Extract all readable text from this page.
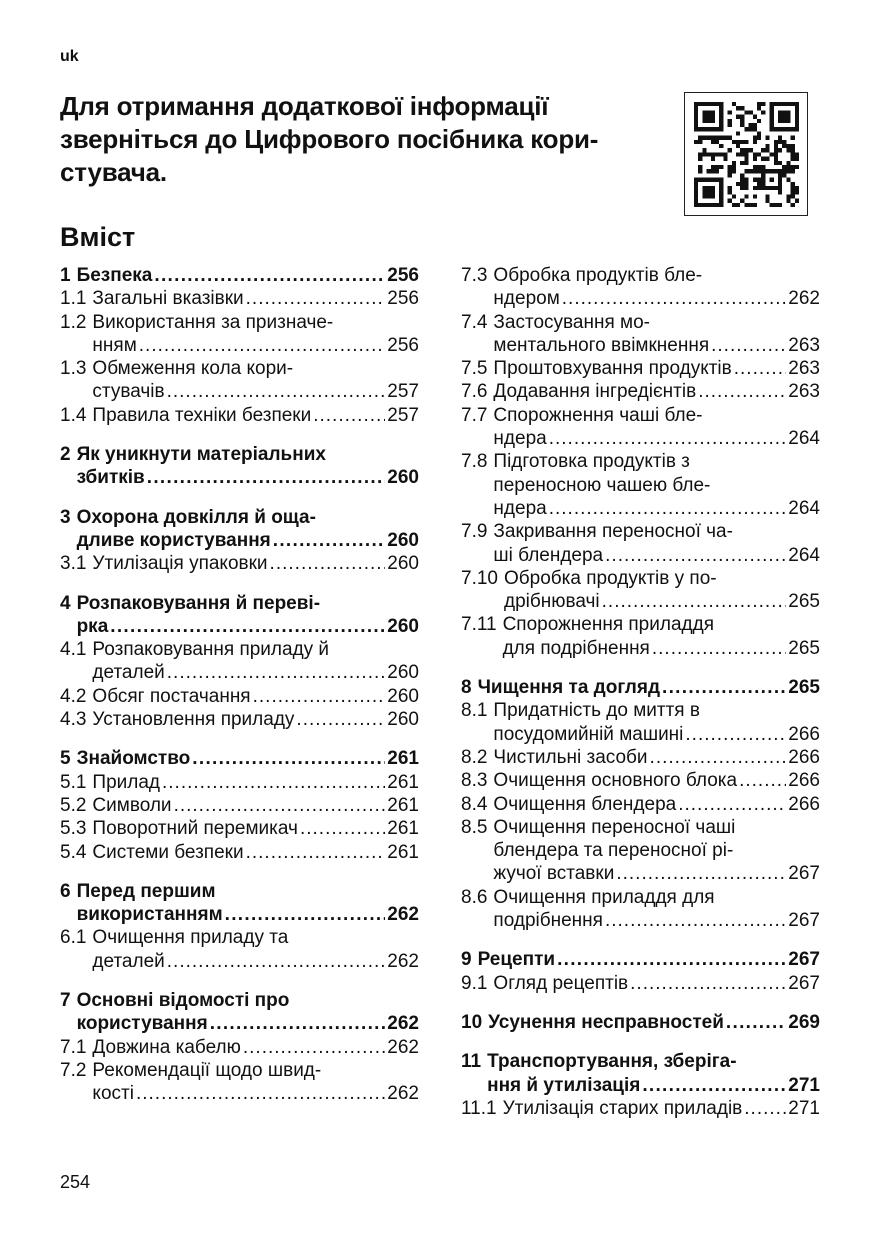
uk
Для отримання додаткової інформації
зверніться до Цифрового посібника кори-
стувача.
Вміст
1 Безпека .....	256
1.1 Загальні вказівки .....	256
1.2 Використання за призначе-
нням .....	256
1.3 Обмеження кола кори-
стувачів .....	257
1.4 Правила техніки безпеки .....	257
2 Як уникнути матеріальних
збитків .....	260
3 Охорона довкілля й оща-
дливе користування .....	260
3.1 Утилізація упаковки .....	260
4 Розпаковування й переві-
рка .....	260
4.1 Розпаковування приладу й
деталей .....	260
4.2 Обсяг постачання .....	260
4.3 Установлення приладу .....	260
5 Знайомство .....	261
5.1 Прилад .....	261
5.2 Символи .....	261
5.3 Поворотний перемикач .....	261
5.4 Системи безпеки .....	261
6 Перед першим
використанням .....	262
6.1 Очищення приладу та
деталей .....	262
7 Основні відомості про
користування .....	262
7.1 Довжина кабелю .....	262
7.2 Рекомендації щодо швид-
кості .....	262
7.3 Обробка продуктів бле-
ндером .....	262
7.4 Застосування мо-
ментального ввімкнення .....	263
7.5 Проштовхування продуктів .....	263
7.6 Додавання інгредієнтів .....	263
7.7 Спорожнення чаші бле-
ндера .....	264
7.8 Підготовка продуктів з
переносною чашею бле-
ндера .....	264
7.9 Закривання переносної ча-
ші блендера .....	264
7.10 Обробка продуктів у по-
дрібнювачі .....	265
7.11 Спорожнення приладдя
для подрібнення .....	265
8 Чищення та догляд .....	265
8.1 Придатність до миття в
посудомийній машині .....	266
8.2 Чистильні засоби .....	266
8.3 Очищення основного блока .....	266
8.4 Очищення блендера .....	266
8.5 Очищення переносної чаші
блендера та переносної рі-
жучої вставки .....	267
8.6 Очищення приладдя для
подрібнення .....	267
9 Рецепти .....	267
9.1 Огляд рецептів .....	267
10 Усунення несправностей .....	269
11 Транспортування, зберіга-
ння й утилізація .....	271
11.1 Утилізація старих приладів ..... 271
254
